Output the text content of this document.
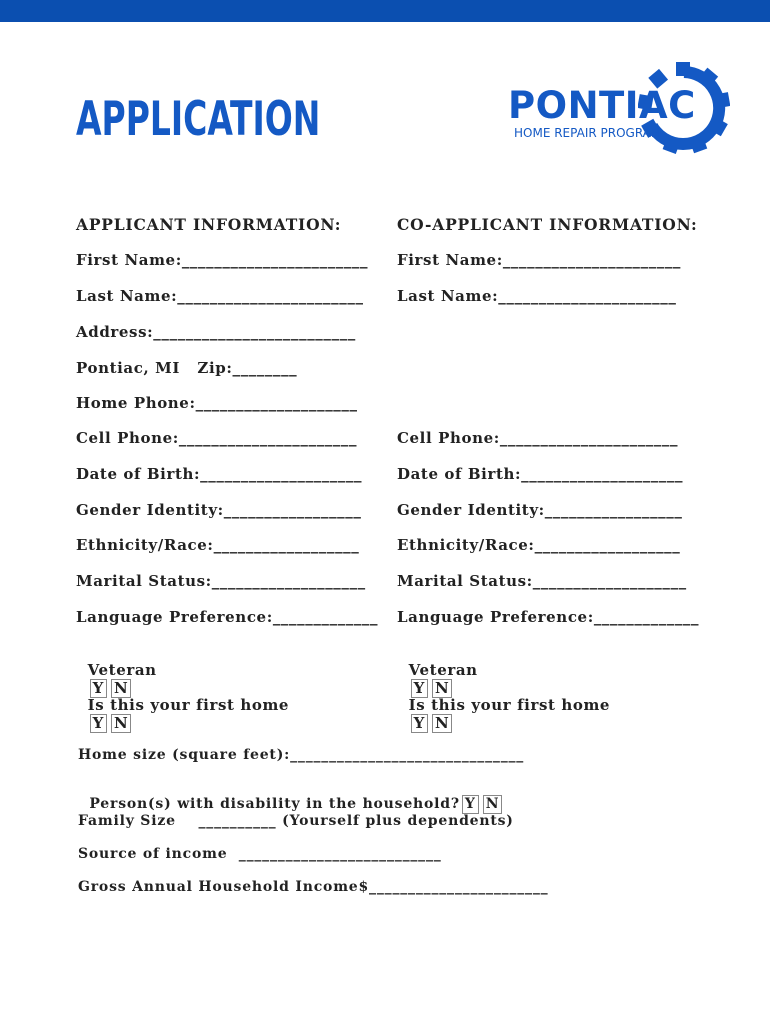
APPLICATION	PONTIAC
HOME REPAIR PROGRAM
APPLICANT INFORMATION:
First Name:_______________________
Last Name:_______________________
Address:_________________________
Pontiac, MI   Zip:________
Home Phone:____________________
Cell Phone:______________________
Date of Birth:____________________
Gender Identity:_________________
Ethnicity/Race:__________________
Marital Status:___________________
Language Preference:_____________

Veteran
Y N

Is this your first home
Y N

CO-APPLICANT INFORMATION:
First Name:______________________
Last Name:______________________
Cell Phone:______________________
Date of Birth:____________________
Gender Identity:_________________
Ethnicity/Race:__________________
Marital Status:___________________
Language Preference:_____________

Veteran
Y N

Is this your first home
Y N

Home size (square feet):______________________________

Person(s) with disability in the household? Y N

Family Size    __________ (Yourself plus dependents)
Source of income  __________________________
Gross Annual Household Income$_______________________
